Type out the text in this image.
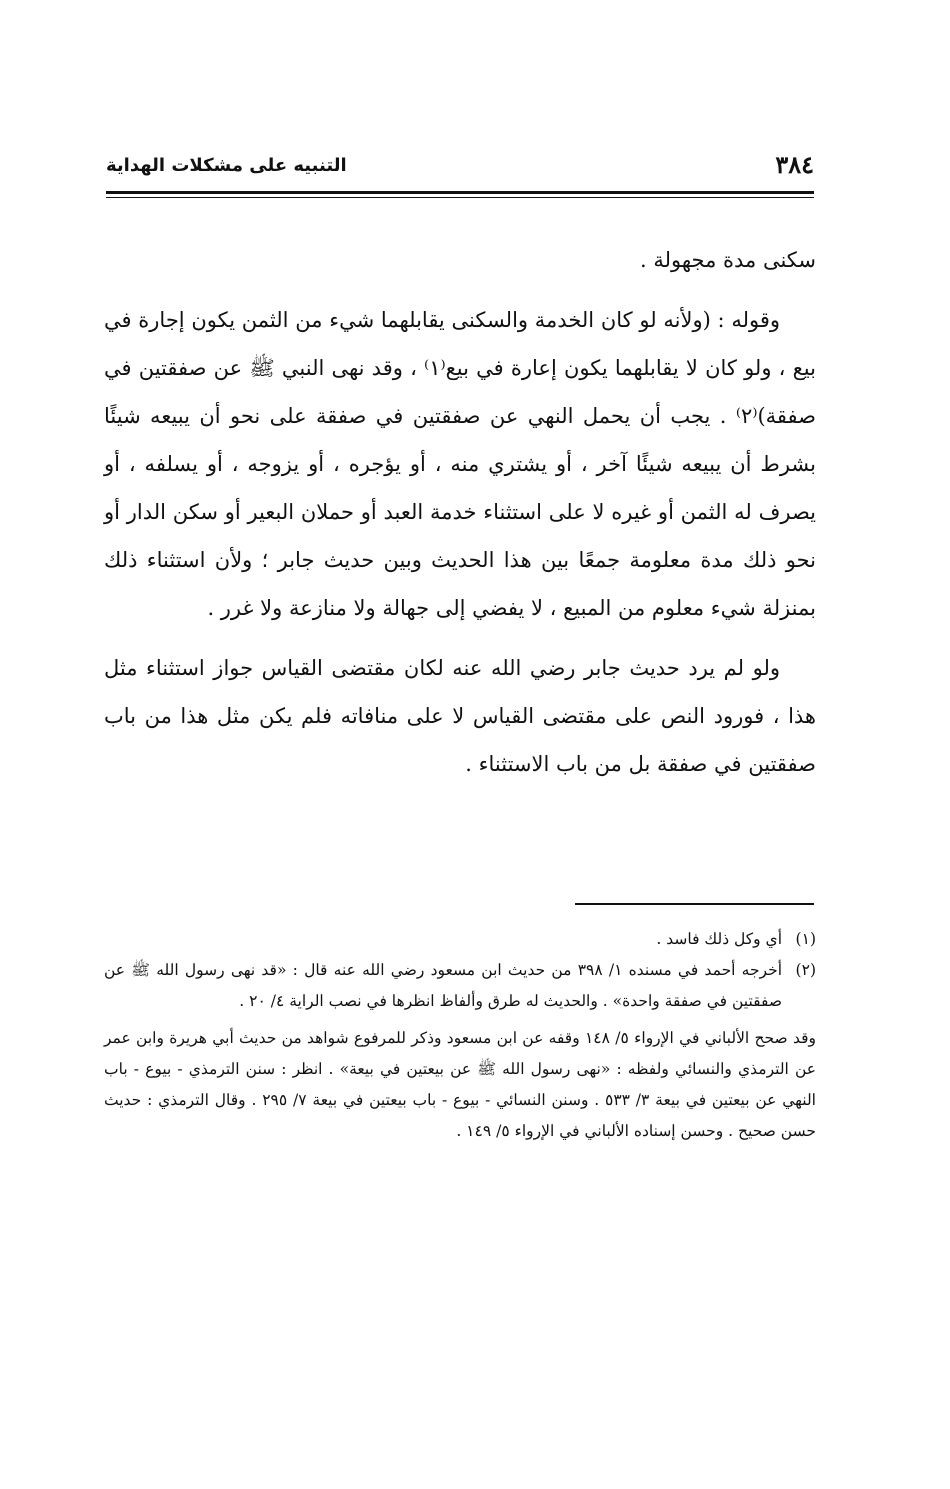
٣٨٤
التنبيه على مشكلات الهداية

سكنى مدة مجهولة .

وقوله : (ولأنه لو كان الخدمة والسكنى يقابلهما شيء من الثمن يكون إجارة في بيع ، ولو كان لا يقابلهما يكون إعارة في بيع⁽١⁾ ، وقد نهى النبي ﷺ عن صفقتين في صفقة)⁽٢⁾ . يجب أن يحمل النهي عن صفقتين في صفقة على نحو أن يبيعه شيئًا بشرط أن يبيعه شيئًا آخر ، أو يشتري منه ، أو يؤجره ، أو يزوجه ، أو يسلفه ، أو يصرف له الثمن أو غيره لا على استثناء خدمة العبد أو حملان البعير أو سكن الدار أو نحو ذلك مدة معلومة جمعًا بين هذا الحديث وبين حديث جابر ؛ ولأن استثناء ذلك بمنزلة شيء معلوم من المبيع ، لا يفضي إلى جهالة ولا منازعة ولا غرر .

ولو لم يرد حديث جابر رضي الله عنه لكان مقتضى القياس جواز استثناء مثل هذا ، فورود النص على مقتضى القياس لا على منافاته فلم يكن مثل هذا من باب صفقتين في صفقة بل من باب الاستثناء .

(١)
أي وكل ذلك فاسد .
(٢)
أخرجه أحمد في مسنده ١/ ٣٩٨ من حديث ابن مسعود رضي الله عنه قال : «قد نهى رسول الله ﷺ عن صفقتين في صفقة واحدة» . والحديث له طرق وألفاظ انظرها في نصب الراية ٤/ ٢٠ .
وقد صحح الألباني في الإرواء ٥/ ١٤٨ وقفه عن ابن مسعود وذكر للمرفوع شواهد من حديث أبي هريرة وابن عمر عن الترمذي والنسائي ولفظه : «نهى رسول الله ﷺ عن بيعتين في بيعة» . انظر : سنن الترمذي - بيوع - باب النهي عن بيعتين في بيعة ٣/ ٥٣٣ . وسنن النسائي - بيوع - باب بيعتين في بيعة ٧/ ٢٩٥ . وقال الترمذي : حديث حسن صحيح . وحسن إسناده الألباني في الإرواء ٥/ ١٤٩ .
